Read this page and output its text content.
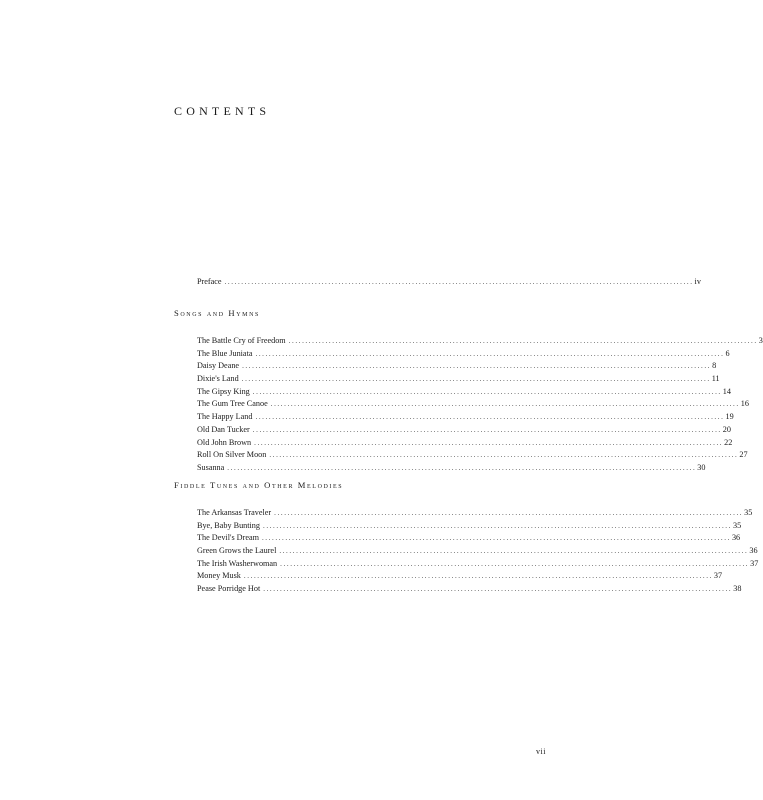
CONTENTS
Preface ............................................................................................................................................ iv
Songs and Hymns
The Battle Cry of Freedom ............................................................................................................................................ 3
The Blue Juniata ............................................................................................................................................ 6
Daisy Deane ............................................................................................................................................ 8
Dixie's Land ............................................................................................................................................ 11
The Gipsy King ............................................................................................................................................ 14
The Gum Tree Canoe ............................................................................................................................................ 16
The Happy Land ............................................................................................................................................ 19
Old Dan Tucker ............................................................................................................................................ 20
Old John Brown ............................................................................................................................................ 22
Roll On Silver Moon ............................................................................................................................................ 27
Susanna ............................................................................................................................................ 30
Fiddle Tunes and Other Melodies
The Arkansas Traveler ............................................................................................................................................ 35
Bye, Baby Bunting ............................................................................................................................................ 35
The Devil's Dream ............................................................................................................................................ 36
Green Grows the Laurel ............................................................................................................................................ 36
The Irish Washerwoman ............................................................................................................................................ 37
Money Musk ............................................................................................................................................ 37
Pease Porridge Hot ............................................................................................................................................ 38
vii
